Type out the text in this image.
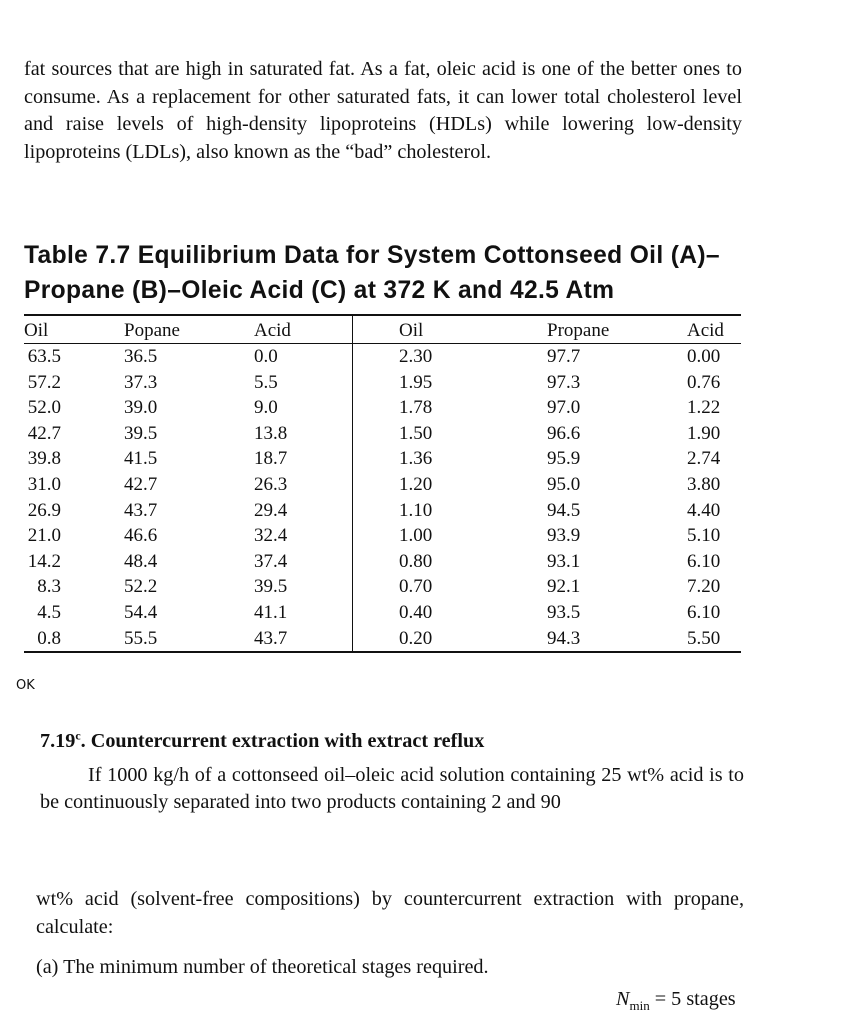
fat sources that are high in saturated fat. As a fat, oleic acid is one of the better ones to consume. As a replacement for other saturated fats, it can lower total cholesterol level and raise levels of high-density lipoproteins (HDLs) while lowering low-density lipoproteins (LDLs), also known as the “bad” cholesterol.

Table 7.7 Equilibrium Data for System Cottonseed Oil (A)–Propane (B)–Oleic Acid (C) at 372 K and 42.5 Atm
Oil	Popane	Acid	Oil	Propane	Acid
63.5	36.5	0.0	2.30	97.7	0.00
57.2	37.3	5.5	1.95	97.3	0.76
52.0	39.0	9.0	1.78	97.0	1.22
42.7	39.5	13.8	1.50	96.6	1.90
39.8	41.5	18.7	1.36	95.9	2.74
31.0	42.7	26.3	1.20	95.0	3.80
26.9	43.7	29.4	1.10	94.5	4.40
21.0	46.6	32.4	1.00	93.9	5.10
14.2	48.4	37.4	0.80	93.1	6.10
8.3	52.2	39.5	0.70	92.1	7.20
4.5	54.4	41.1	0.40	93.5	6.10
0.8	55.5	43.7	0.20	94.3	5.50
OK

7.19$^c$. Countercurrent extraction with extract reflux

If 1000 kg/h of a cottonseed oil–oleic acid solution containing 25 wt% acid is to be continuously separated into two products containing 2 and 90

wt% acid (solvent-free compositions) by countercurrent extraction with propane, calculate:

(a) The minimum number of theoretical stages required.

$N_{min} = 5$ stages
